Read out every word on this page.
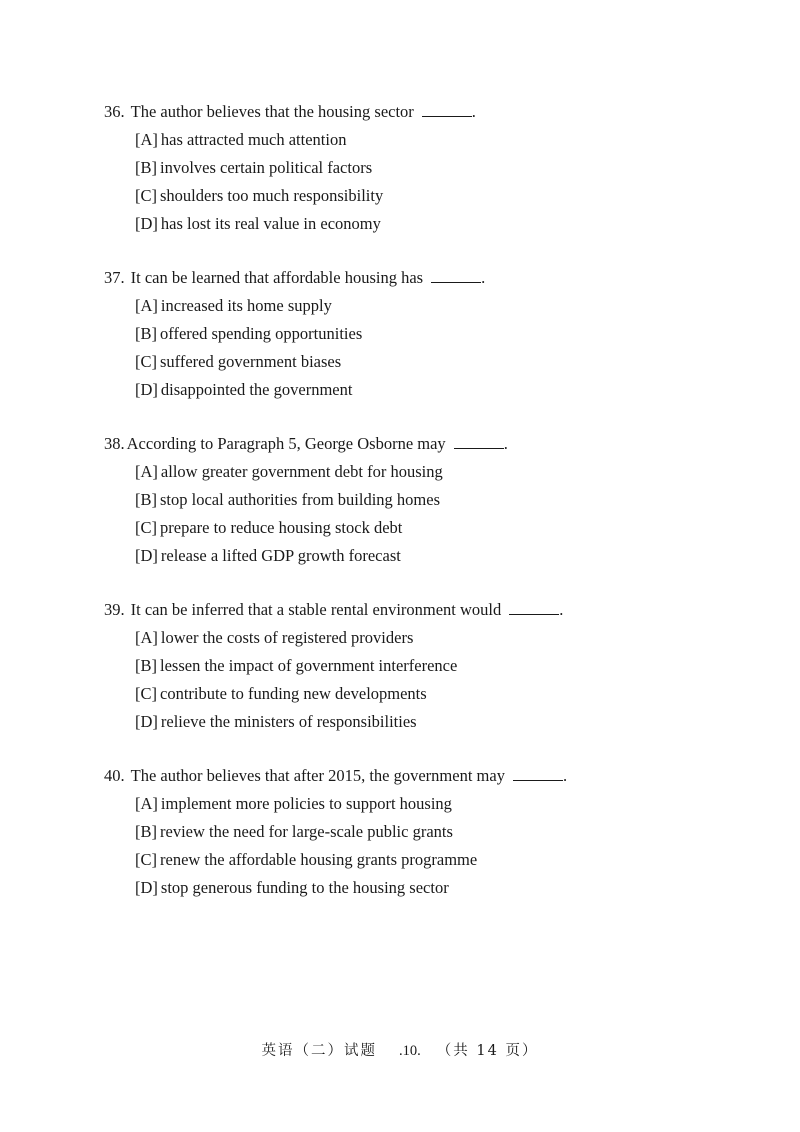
36. The author believes that the housing sector	.
[A] has attracted much attention
[B] involves certain political factors
[C] shoulders too much responsibility
[D] has lost its real value in economy
37. It can be learned that affordable housing has	.
[A] increased its home supply
[B] offered spending opportunities
[C] suffered government biases
[D] disappointed the government
38. According to Paragraph 5, George Osborne may	.
[A] allow greater government debt for housing
[B] stop local authorities from building homes
[C] prepare to reduce housing stock debt
[D] release a lifted GDP growth forecast
39. It can be inferred that a stable rental environment would	.
[A] lower the costs of registered providers
[B] lessen the impact of government interference
[C] contribute to funding new developments
[D] relieve the ministers of responsibilities
40. The author believes that after 2015, the government may	.
[A] implement more policies to support housing
[B] review the need for large-scale public grants
[C] renew the affordable housing grants programme
[D] stop generous funding to the housing sector
英语（二）试题 .10. （共 14 页）
